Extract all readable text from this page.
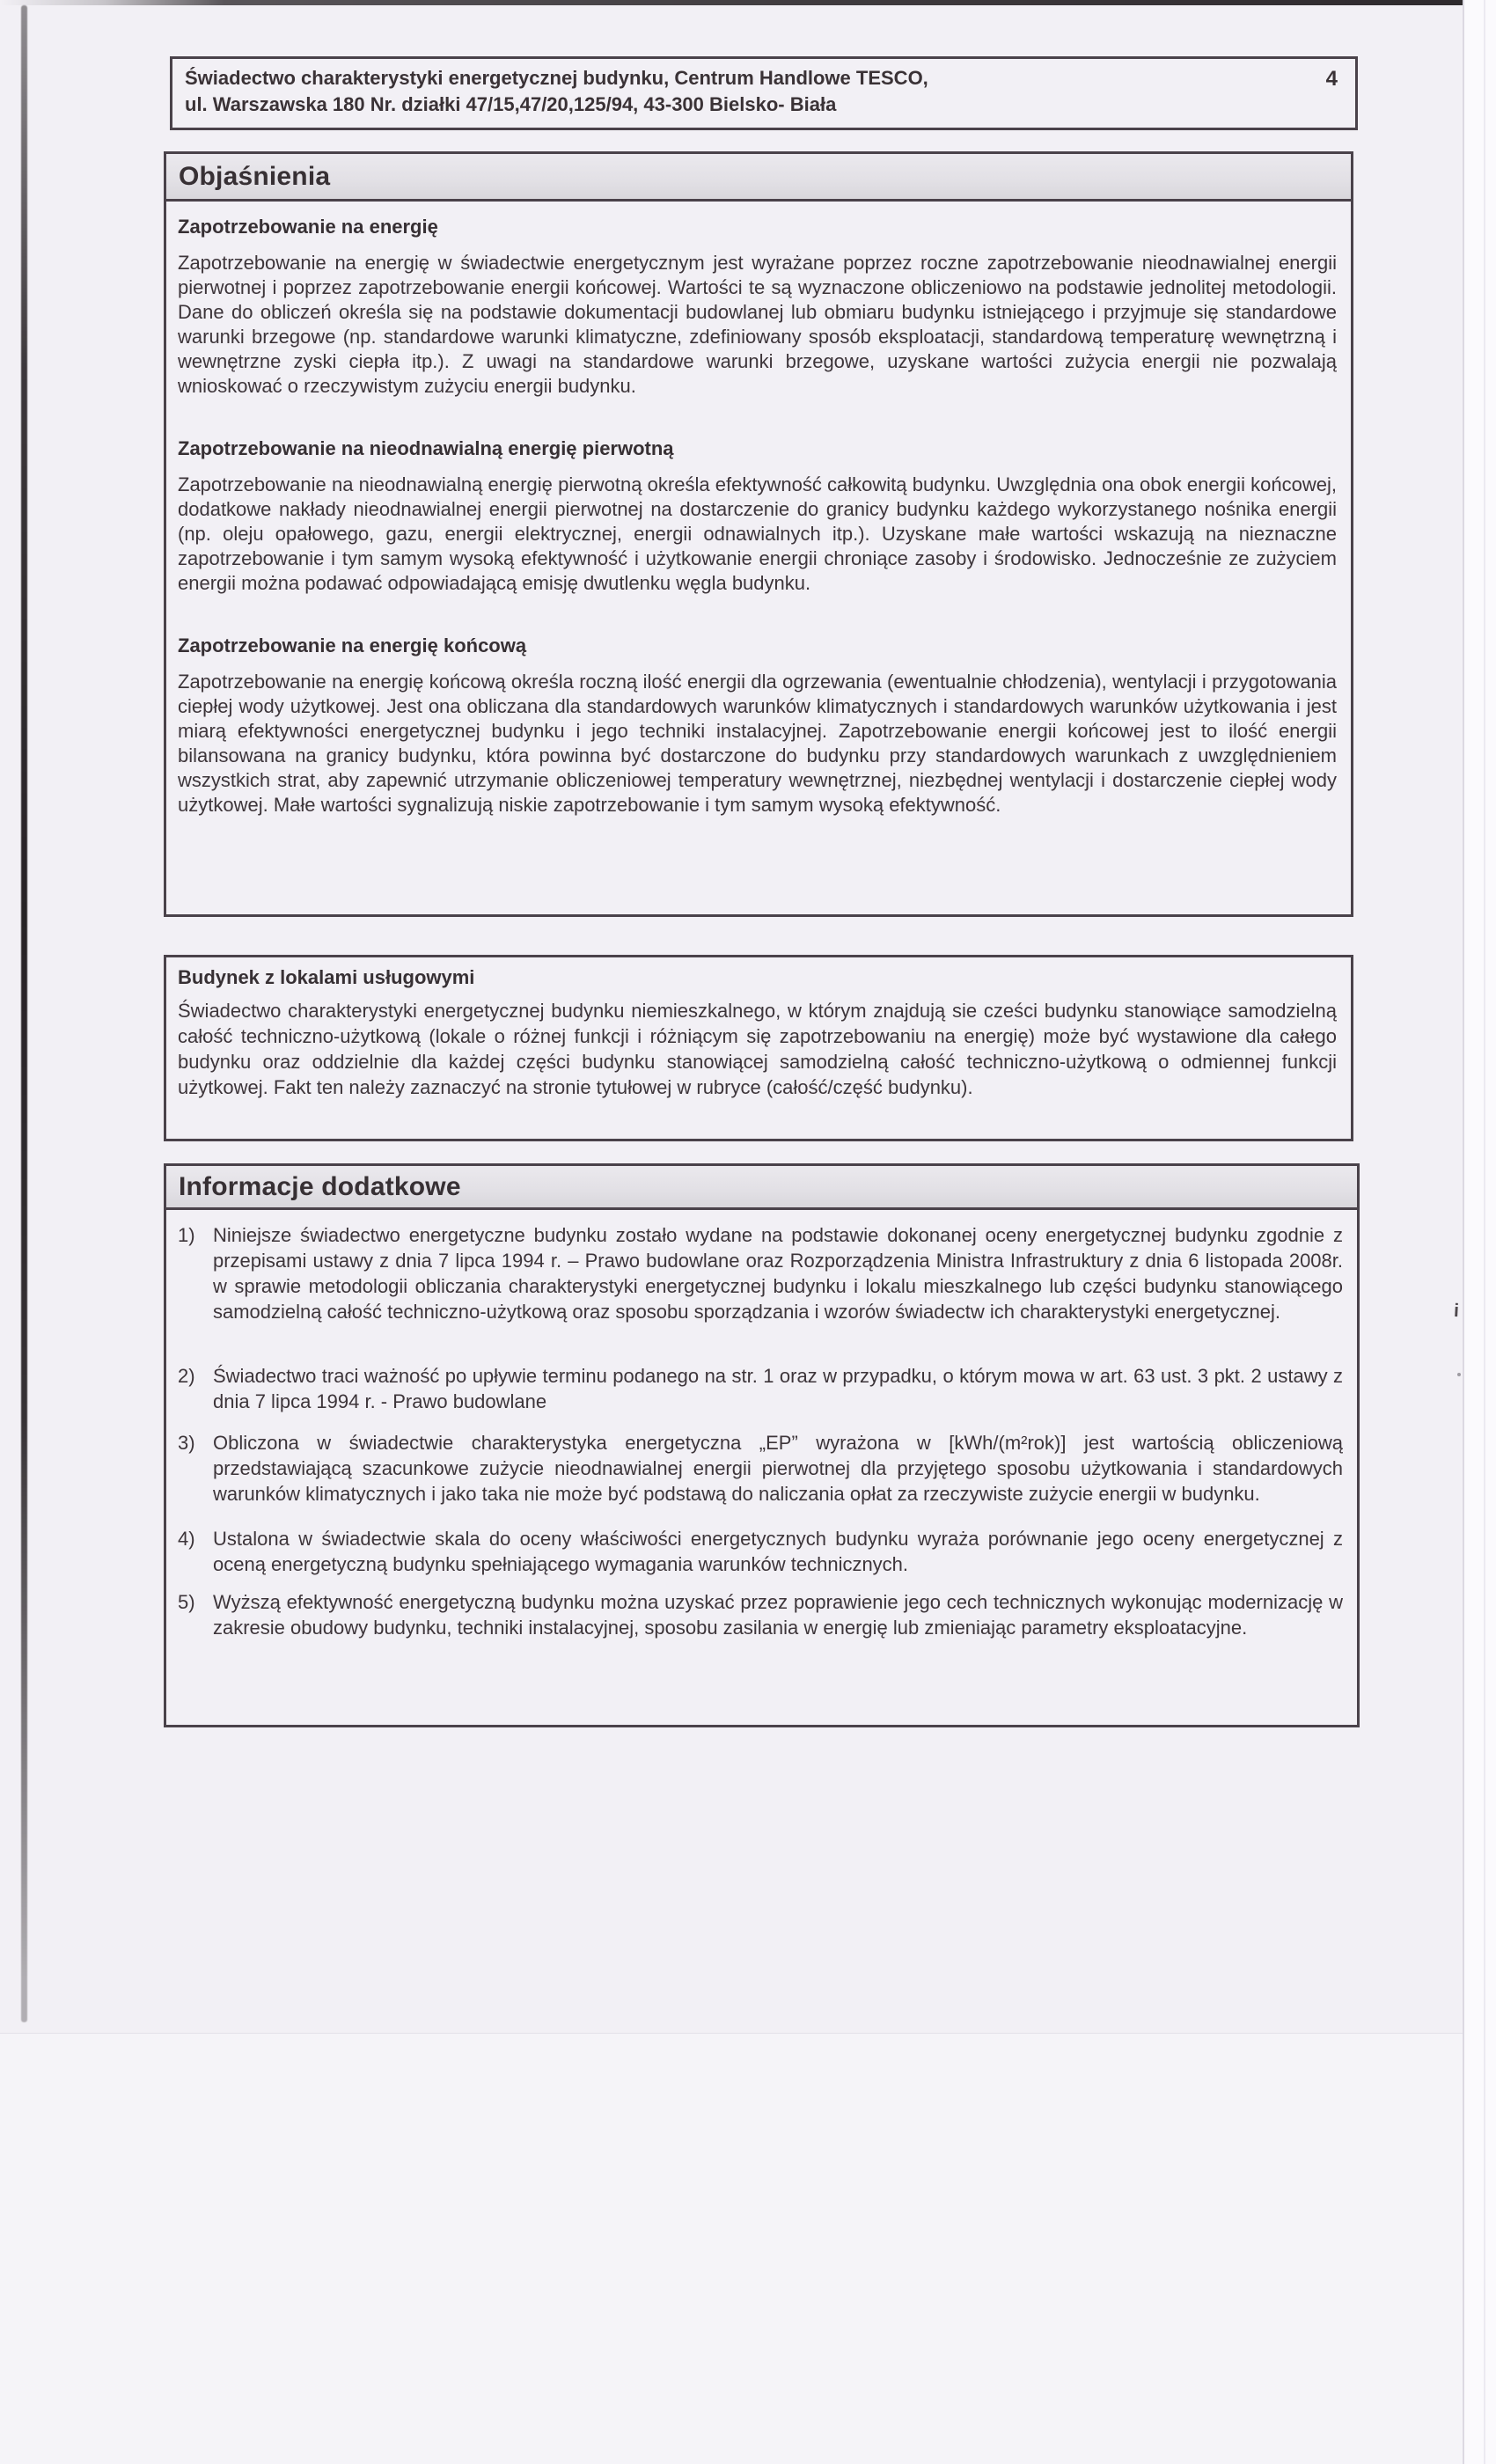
i
Świadectwo charakterystyki energetycznej budynku, Centrum Handlowe TESCO,
ul. Warszawska 180 Nr. działki 47/15,47/20,125/94, 43-300 Bielsko- Biała
4
Objaśnienia
Zapotrzebowanie na energię
Zapotrzebowanie na energię w świadectwie energetycznym jest wyrażane poprzez roczne zapotrzebowanie nieodnawialnej energii pierwotnej i poprzez zapotrzebowanie energii końcowej. Wartości te są wyznaczone obliczeniowo na podstawie jednolitej metodologii. Dane do obliczeń określa się na podstawie dokumentacji budowlanej lub obmiaru budynku istniejącego i przyjmuje się standardowe warunki brzegowe (np. standardowe warunki klimatyczne, zdefiniowany sposób eksploatacji, standardową temperaturę wewnętrzną i wewnętrzne zyski ciepła itp.). Z uwagi na standardowe warunki brzegowe, uzyskane wartości zużycia energii nie pozwalają wnioskować o rzeczywistym zużyciu energii budynku.
Zapotrzebowanie na nieodnawialną energię pierwotną
Zapotrzebowanie na nieodnawialną energię pierwotną określa efektywność całkowitą budynku. Uwzględnia ona obok energii końcowej, dodatkowe nakłady nieodnawialnej energii pierwotnej na dostarczenie do granicy budynku każdego wykorzystanego nośnika energii (np. oleju opałowego, gazu, energii elektrycznej, energii odnawialnych itp.). Uzyskane małe wartości wskazują na nieznaczne zapotrzebowanie i tym samym wysoką efektywność i użytkowanie energii chroniące zasoby i środowisko. Jednocześnie ze zużyciem energii można podawać odpowiadającą emisję dwutlenku węgla budynku.
Zapotrzebowanie na energię końcową
Zapotrzebowanie na energię końcową określa roczną ilość energii dla ogrzewania (ewentualnie chłodzenia), wentylacji i przygotowania ciepłej wody użytkowej. Jest ona obliczana dla standardowych warunków klimatycznych i standardowych warunków użytkowania i jest miarą efektywności energetycznej budynku i jego techniki instalacyjnej. Zapotrzebowanie energii końcowej jest to ilość energii bilansowana na granicy budynku, która powinna być dostarczone do budynku przy standardowych warunkach z uwzględnieniem wszystkich strat, aby zapewnić utrzymanie obliczeniowej temperatury wewnętrznej, niezbędnej wentylacji i dostarczenie ciepłej wody użytkowej. Małe wartości sygnalizują niskie zapotrzebowanie i tym samym wysoką efektywność.
Budynek z lokalami usługowymi
Świadectwo charakterystyki energetycznej budynku niemieszkalnego, w którym znajdują sie cześci budynku stanowiące samodzielną całość techniczno-użytkową (lokale o różnej funkcji i różniącym się zapotrzebowaniu na energię) może być wystawione dla całego budynku oraz oddzielnie dla każdej części budynku stanowiącej samodzielną całość techniczno-użytkową o odmiennej funkcji użytkowej. Fakt ten należy zaznaczyć na stronie tytułowej w rubryce (całość/część budynku).
Informacje dodatkowe
1) Niniejsze świadectwo energetyczne budynku zostało wydane na podstawie dokonanej oceny energetycznej budynku zgodnie z przepisami ustawy z dnia 7 lipca 1994 r. – Prawo budowlane oraz Rozporządzenia Ministra Infrastruktury z dnia 6 listopada 2008r. w sprawie metodologii obliczania charakterystyki energetycznej budynku i lokalu mieszkalnego lub części budynku stanowiącego samodzielną całość techniczno-użytkową oraz sposobu sporządzania i wzorów świadectw ich charakterystyki energetycznej.
2) Świadectwo traci ważność po upływie terminu podanego na str. 1 oraz w przypadku, o którym mowa w art. 63 ust. 3 pkt. 2 ustawy z dnia 7 lipca 1994 r. - Prawo budowlane
3) Obliczona w świadectwie charakterystyka energetyczna „EP” wyrażona w [kWh/(m²rok)] jest wartością obliczeniową przedstawiającą szacunkowe zużycie nieodnawialnej energii pierwotnej dla przyjętego sposobu użytkowania i standardowych warunków klimatycznych i jako taka nie może być podstawą do naliczania opłat za rzeczywiste zużycie energii w budynku.
4) Ustalona w świadectwie skala do oceny właściwości energetycznych budynku wyraża porównanie jego oceny energetycznej z oceną energetyczną budynku spełniającego wymagania warunków technicznych.
5) Wyższą efektywność energetyczną budynku można uzyskać przez poprawienie jego cech technicznych wykonując modernizację w zakresie obudowy budynku, techniki instalacyjnej, sposobu zasilania w energię lub zmieniając parametry eksploatacyjne.
